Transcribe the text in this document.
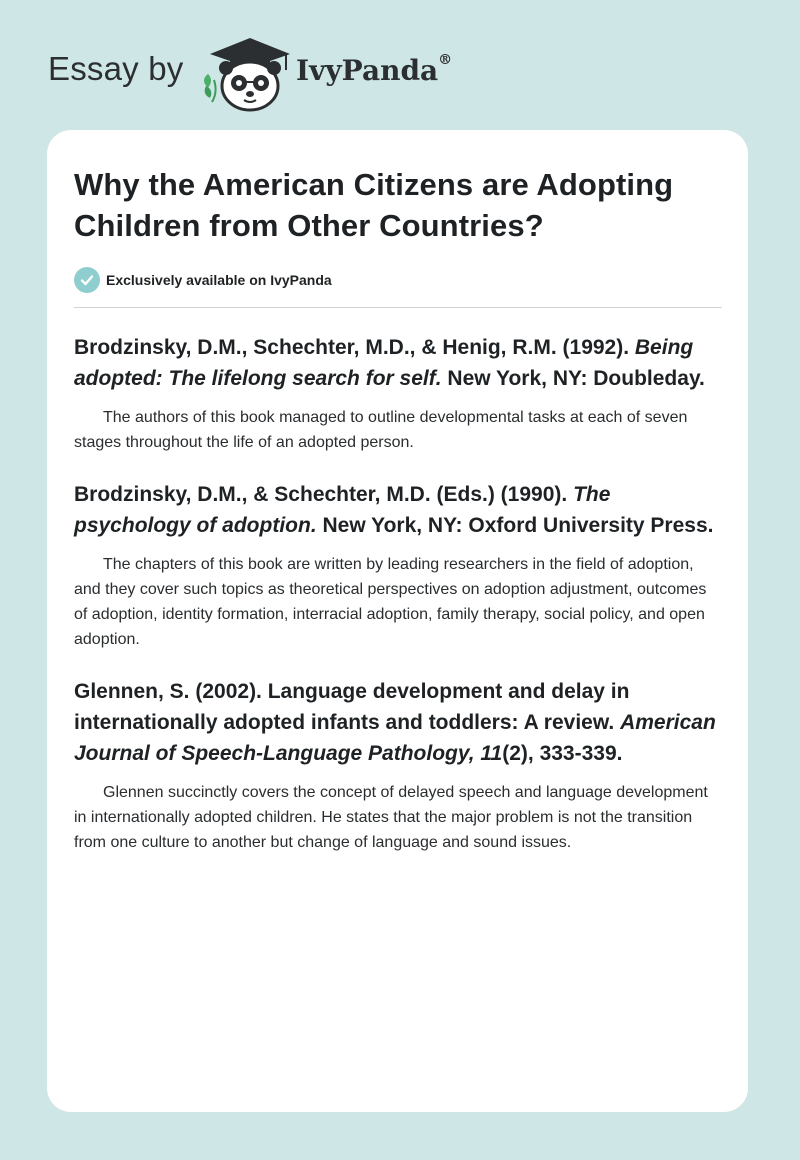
Essay by	IvyPanda®
Why the American Citizens are Adopting Children from Other Countries?
Exclusively available on IvyPanda

Brodzinsky, D.M., Schechter, M.D., & Henig, R.M. (1992). Being adopted: The lifelong search for self. New York, NY: Doubleday.

The authors of this book managed to outline developmental tasks at each of seven stages throughout the life of an adopted person.

Brodzinsky, D.M., & Schechter, M.D. (Eds.) (1990). The psychology of adoption. New York, NY: Oxford University Press.

The chapters of this book are written by leading researchers in the field of adoption, and they cover such topics as theoretical perspectives on adoption adjustment, outcomes of adoption, identity formation, interracial adoption, family therapy, social policy, and open adoption.

Glennen, S. (2002). Language development and delay in internationally adopted infants and toddlers: A review. American Journal of Speech-Language Pathology, 11(2), 333-339.

Glennen succinctly covers the concept of delayed speech and language development in internationally adopted children. He states that the major problem is not the transition from one culture to another but change of language and sound issues.
